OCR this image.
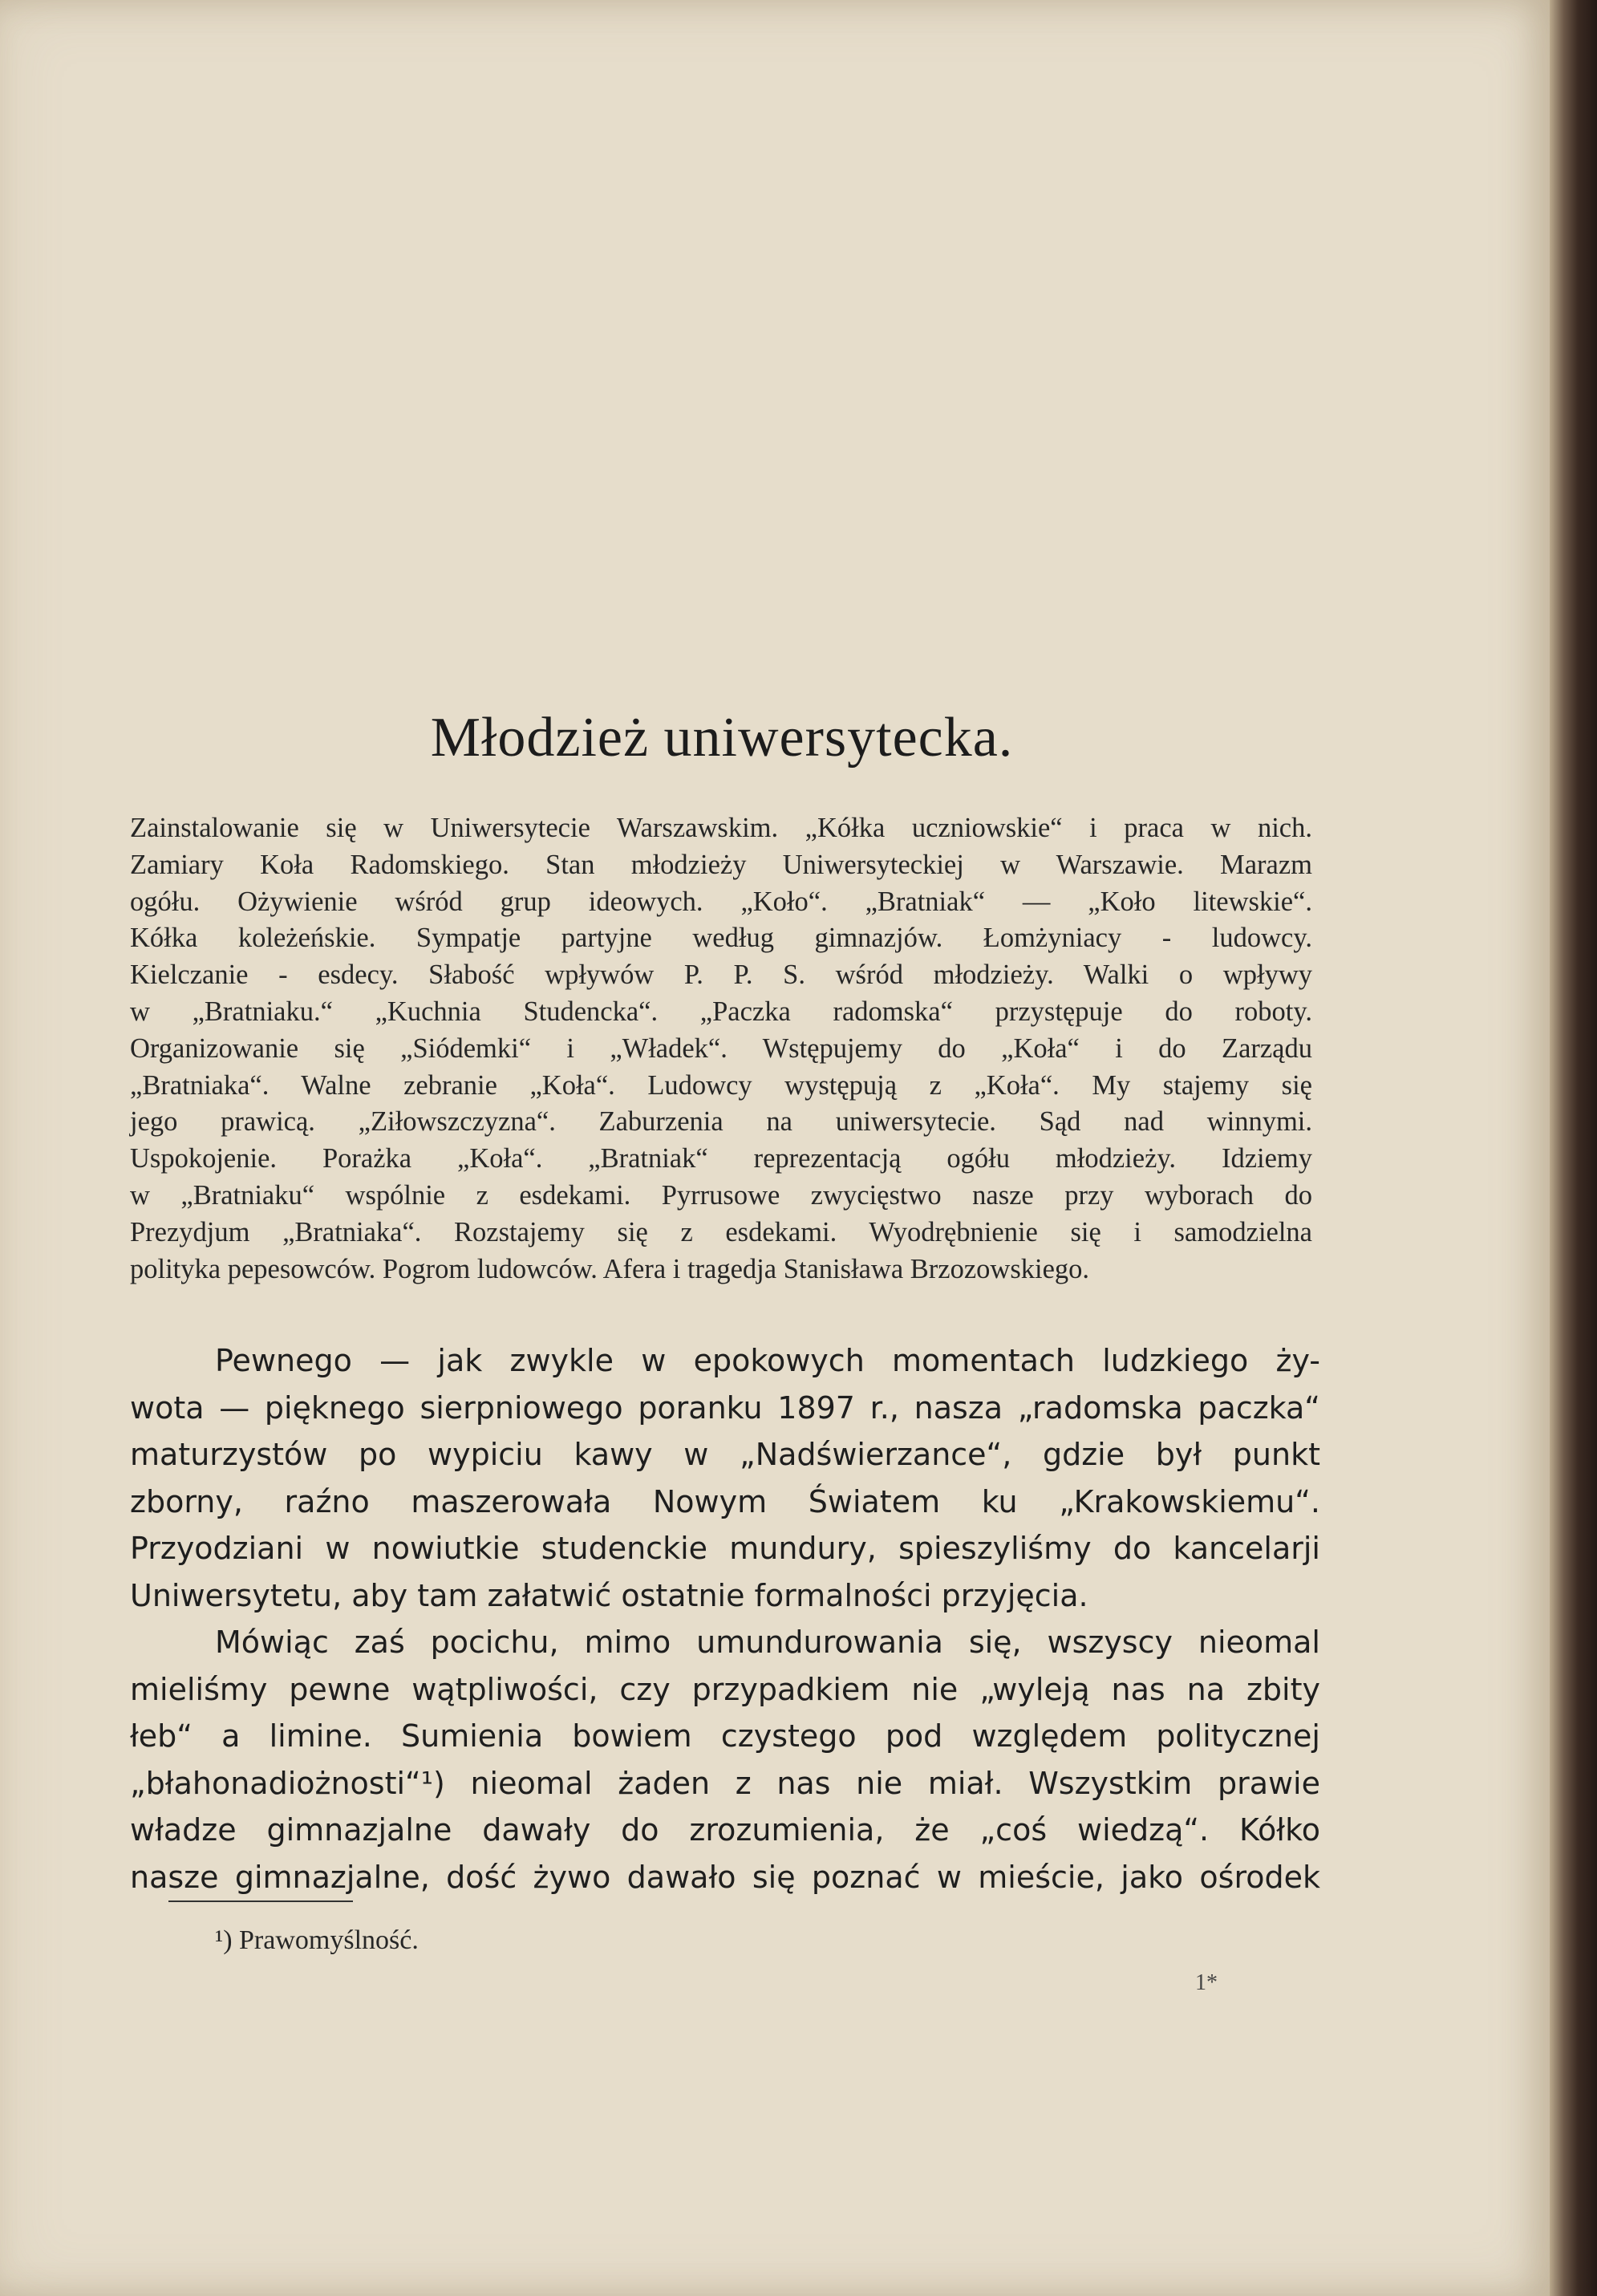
Młodzież uniwersytecka.
Zainstalowanie się w Uniwersytecie Warszawskim. „Kółka uczniowskie“ i praca w nich.
Zamiary Koła Radomskiego. Stan młodzieży Uniwersyteckiej w Warszawie. Marazm
ogółu. Ożywienie wśród grup ideowych. „Koło“. „Bratniak“ — „Koło litewskie“.
Kółka koleżeńskie. Sympatje partyjne według gimnazjów. Łomżyniacy - ludowcy.
Kielczanie - esdecy. Słabość wpływów P. P. S. wśród młodzieży. Walki o wpływy
w „Bratniaku.“ „Kuchnia Studencka“. „Paczka radomska“ przystępuje do roboty.
Organizowanie się „Siódemki“ i „Władek“. Wstępujemy do „Koła“ i do Zarządu
„Bratniaka“. Walne zebranie „Koła“. Ludowcy występują z „Koła“. My stajemy się
jego prawicą. „Ziłowszczyzna“. Zaburzenia na uniwersytecie. Sąd nad winnymi.
Uspokojenie. Porażka „Koła“. „Bratniak“ reprezentacją ogółu młodzieży. Idziemy
w „Bratniaku“ wspólnie z esdekami. Pyrrusowe zwycięstwo nasze przy wyborach do
Prezydjum „Bratniaka“. Rozstajemy się z esdekami. Wyodrębnienie się i samodzielna
polityka pepesowców. Pogrom ludowców. Afera i tragedja Stanisława Brzozowskiego.
Pewnego — jak zwykle w epokowych momentach ludzkiego ży-
wota — pięknego sierpniowego poranku 1897 r., nasza „radomska paczka“
maturzystów po wypiciu kawy w „Nadświerzance“, gdzie był punkt
zborny, raźno maszerowała Nowym Światem ku „Krakowskiemu“.
Przyodziani w nowiutkie studenckie mundury, spieszyliśmy do kancelarji
Uniwersytetu, aby tam załatwić ostatnie formalności przyjęcia.
Mówiąc zaś pocichu, mimo umundurowania się, wszyscy nieomal
mieliśmy pewne wątpliwości, czy przypadkiem nie „wyleją nas na zbity
łeb“ a limine. Sumienia bowiem czystego pod względem politycznej
„błahonadiożnosti“¹) nieomal żaden z nas nie miał. Wszystkim prawie
władze gimnazjalne dawały do zrozumienia, że „coś wiedzą“. Kółko
nasze gimnazjalne, dość żywo dawało się poznać w mieście, jako ośrodek
¹) Prawomyślność.
1*
